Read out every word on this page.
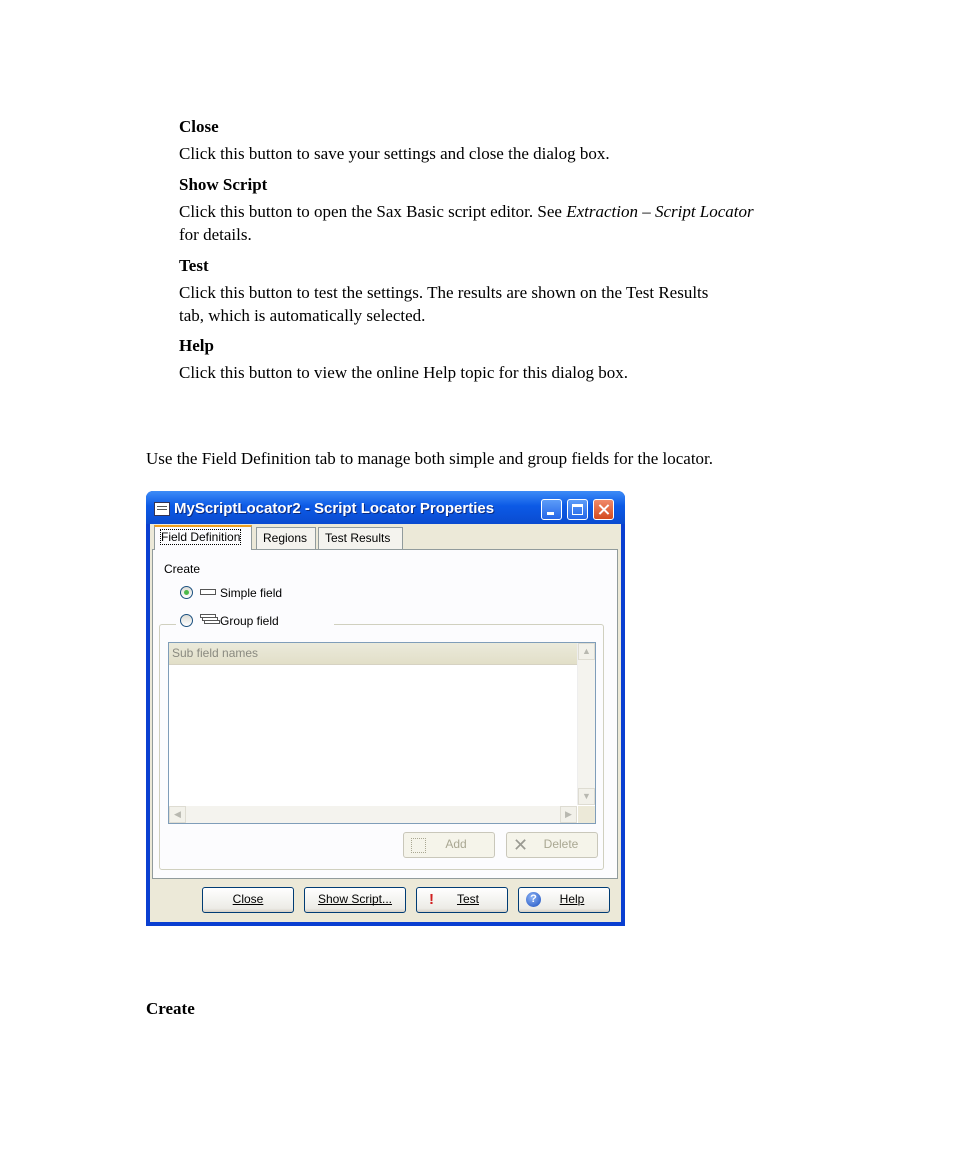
Close
Click this button to save your settings and close the dialog box.
Show Script
Click this button to open the Sax Basic script editor. See Extraction – Script Locator
for details.
Test
Click this button to test the settings. The results are shown on the Test Results
tab, which is automatically selected.
Help
Click this button to view the online Help topic for this dialog box.
Use the Field Definition tab to manage both simple and group fields for the locator.
MyScriptLocator2 - Script Locator Properties
Field Definition	Regions	Test Results
Create
Simple field
Group field
Sub field names	▲
▼
◀	▶
Add	✕ Delete
Close	Show Script...	! Test	?	Help
Create
